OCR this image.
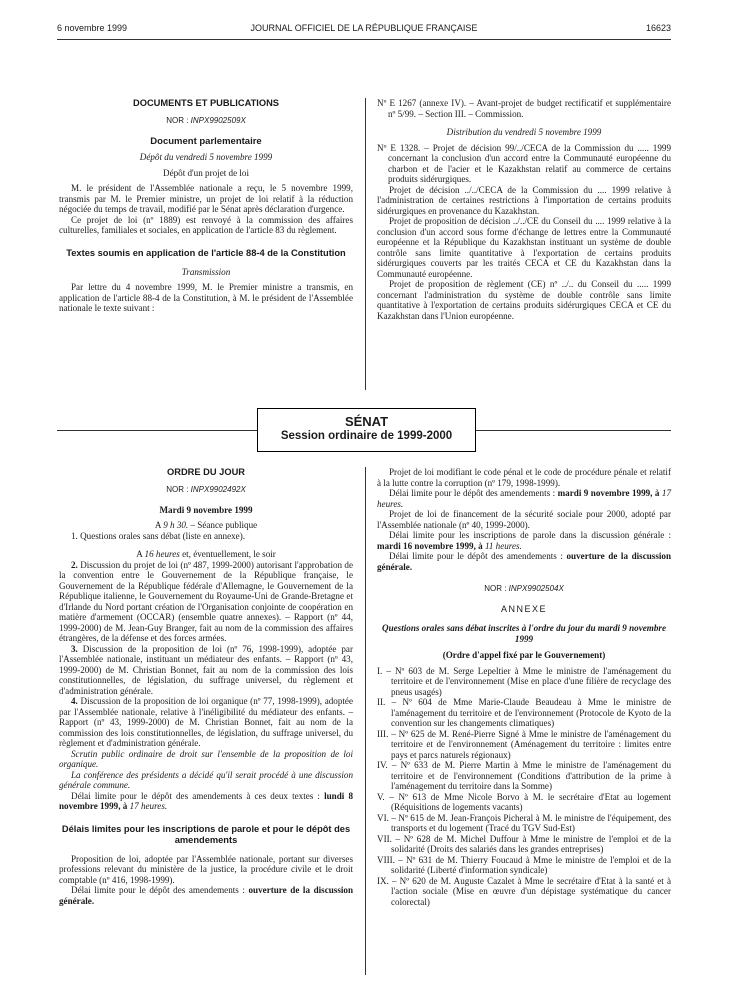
6 novembre 1999	JOURNAL OFFICIEL DE LA RÉPUBLIQUE FRANÇAISE	16623
DOCUMENTS ET PUBLICATIONS
NOR : INPX9902509X
Document parlementaire
Dépôt du vendredi 5 novembre 1999
Dépôt d'un projet de loi
M. le président de l'Assemblée nationale a reçu, le 5 novembre 1999, transmis par M. le Premier ministre, un projet de loi relatif à la réduction négociée du temps de travail, modifié par le Sénat après déclaration d'urgence.
Ce projet de loi (nº 1889) est renvoyé à la commission des affaires culturelles, familiales et sociales, en application de l'article 83 du règlement.
Textes soumis en application de l'article 88-4 de la Constitution
Transmission
Par lettre du 4 novembre 1999, M. le Premier ministre a transmis, en application de l'article 88-4 de la Constitution, à M. le président de l'Assemblée nationale le texte suivant :
Nº E 1267 (annexe IV). – Avant-projet de budget rectificatif et supplémentaire nº 5/99. – Section III. – Commission.
Distribution du vendredi 5 novembre 1999
Nº E 1328. – Projet de décision 99/../CECA de la Commission du ..... 1999 concernant la conclusion d'un accord entre la Communauté européenne du charbon et de l'acier et le Kazakhstan relatif au commerce de certains produits sidérurgiques.
Projet de décision ../../CECA de la Commission du .... 1999 relative à l'administration de certaines restrictions à l'importation de certains produits sidérurgiques en provenance du Kazakhstan.
Projet de proposition de décision ../../CE du Conseil du .... 1999 relative à la conclusion d'un accord sous forme d'échange de lettres entre la Communauté européenne et la République du Kazakhstan instituant un système de double contrôle sans limite quantitative à l'exportation de certains produits sidérurgiques couverts par les traités CECA et CE du Kazakhstan dans la Communauté européenne.
Projet de proposition de règlement (CE) nº ../.. du Conseil du ..... 1999 concernant l'administration du système de double contrôle sans limite quantitative à l'exportation de certains produits sidérurgiques CECA et CE du Kazakhstan dans l'Union européenne.
SÉNAT
Session ordinaire de 1999-2000
ORDRE DU JOUR
NOR : INPX9902492X
Mardi 9 novembre 1999
A 9 h 30. – Séance publique
1. Questions orales sans débat (liste en annexe).
A 16 heures et, éventuellement, le soir
2. Discussion du projet de loi (nº 487, 1999-2000) autorisant l'approbation de la convention entre le Gouvernement de la République française, le Gouvernement de la République fédérale d'Allemagne, le Gouvernement de la République italienne, le Gouvernement du Royaume-Uni de Grande-Bretagne et d'Irlande du Nord portant création de l'Organisation conjointe de coopération en matière d'armement (OCCAR) (ensemble quatre annexes). – Rapport (nº 44, 1999-2000) de M. Jean-Guy Branger, fait au nom de la commission des affaires étrangères, de la défense et des forces armées.
3. Discussion de la proposition de loi (nº 76, 1998-1999), adoptée par l'Assemblée nationale, instituant un médiateur des enfants. – Rapport (nº 43, 1999-2000) de M. Christian Bonnet, fait au nom de la commission des lois constitutionnelles, de législation, du suffrage universel, du règlement et d'administration générale.
4. Discussion de la proposition de loi organique (nº 77, 1998-1999), adoptée par l'Assemblée nationale, relative à l'inéligibilité du médiateur des enfants. – Rapport (nº 43, 1999-2000) de M. Christian Bonnet, fait au nom de la commission des lois constitutionnelles, de législation, du suffrage universel, du règlement et d'administration générale.
Scrutin public ordinaire de droit sur l'ensemble de la proposition de loi organique.
La conférence des présidents a décidé qu'il serait procédé à une discussion générale commune.
Délai limite pour le dépôt des amendements à ces deux textes : lundi 8 novembre 1999, à 17 heures.
Délais limites pour les inscriptions de parole et pour le dépôt des amendements
Proposition de loi, adoptée par l'Assemblée nationale, portant sur diverses professions relevant du ministère de la justice, la procédure civile et le droit comptable (nº 416, 1998-1999).
Délai limite pour le dépôt des amendements : ouverture de la discussion générale.
Projet de loi modifiant le code pénal et le code de procédure pénale et relatif à la lutte contre la corruption (nº 179, 1998-1999).
Délai limite pour le dépôt des amendements : mardi 9 novembre 1999, à 17 heures.
Projet de loi de financement de la sécurité sociale pour 2000, adopté par l'Assemblée nationale (nº 40, 1999-2000).
Délai limite pour les inscriptions de parole dans la discussion générale : mardi 16 novembre 1999, à 11 heures.
Délai limite pour le dépôt des amendements : ouverture de la discussion générale.
NOR : INPX9902504X
ANNEXE
Questions orales sans débat inscrites à l'ordre du jour du mardi 9 novembre 1999
(Ordre d'appel fixé par le Gouvernement)
I. – Nº 603 de M. Serge Lepeltier à Mme le ministre de l'aménagement du territoire et de l'environnement (Mise en place d'une filière de recyclage des pneus usagés)
II. – Nº 604 de Mme Marie-Claude Beaudeau à Mme le ministre de l'aménagement du territoire et de l'environnement (Protocole de Kyoto de la convention sur les changements climatiques)
III. – Nº 625 de M. René-Pierre Signé à Mme le ministre de l'aménagement du territoire et de l'environnement (Aménagement du territoire : limites entre pays et parcs naturels régionaux)
IV. – Nº 633 de M. Pierre Martin à Mme le ministre de l'aménagement du territoire et de l'environnement (Conditions d'attribution de la prime à l'aménagement du territoire dans la Somme)
V. – Nº 613 de Mme Nicole Borvo à M. le secrétaire d'Etat au logement (Réquisitions de logements vacants)
VI. – Nº 615 de M. Jean-François Picheral à M. le ministre de l'équipement, des transports et du logement (Tracé du TGV Sud-Est)
VII. – Nº 628 de M. Michel Duffour à Mme le ministre de l'emploi et de la solidarité (Droits des salariés dans les grandes entreprises)
VIII. – Nº 631 de M. Thierry Foucaud à Mme le ministre de l'emploi et de la solidarité (Liberté d'information syndicale)
IX. – Nº 620 de M. Auguste Cazalet à Mme le secrétaire d'Etat à la santé et à l'action sociale (Mise en œuvre d'un dépistage systématique du cancer colorectal)
